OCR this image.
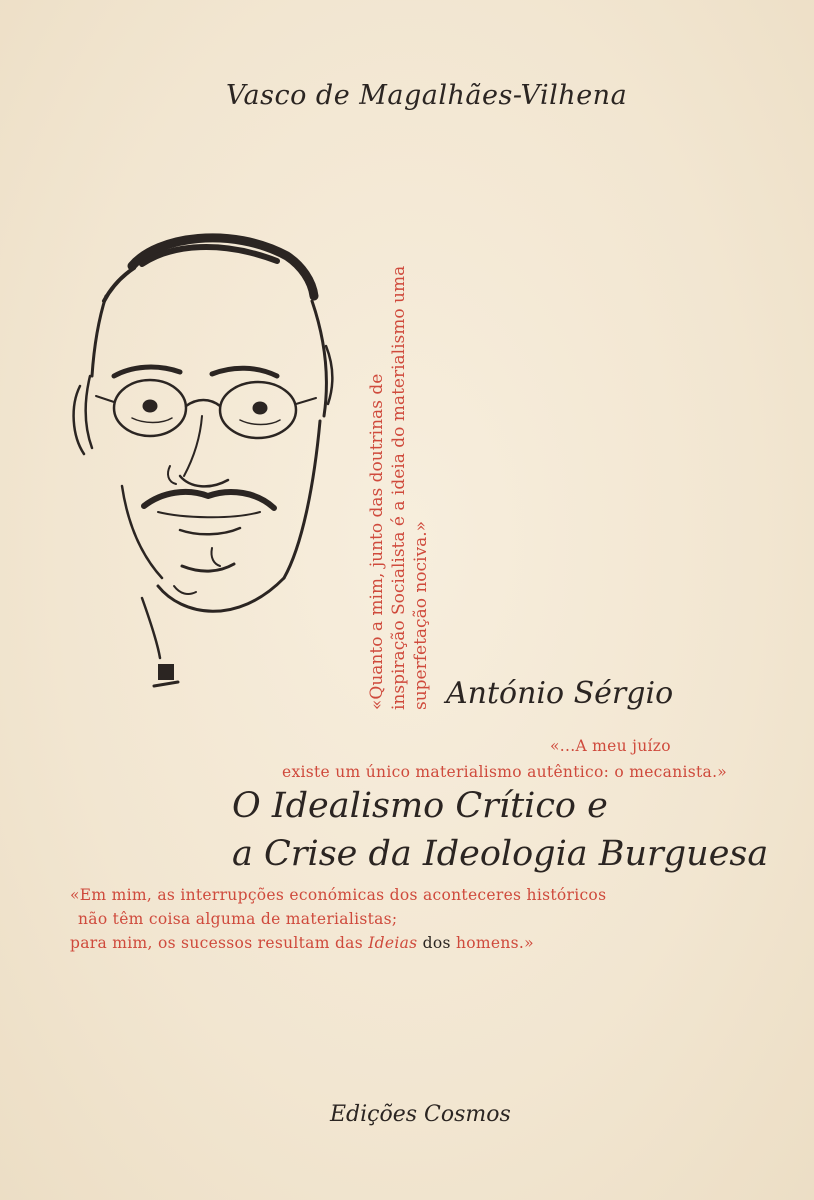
Vasco de Magalhães-Vilhena
«Quanto a mim, junto das doutrinas de inspiração Socialista é a ideia do materialismo uma superfetação nociva.» António Sérgio
«...A meu juízo
existe um único materialismo autêntico: o mecanista.»
O Idealismo Crítico e
a Crise da Ideologia Burguesa
«Em mim, as interrupções económicas dos aconteceres históricos
não têm coisa alguma de materialistas;
para mim, os sucessos resultam das Ideias dos homens.»
Edições Cosmos
